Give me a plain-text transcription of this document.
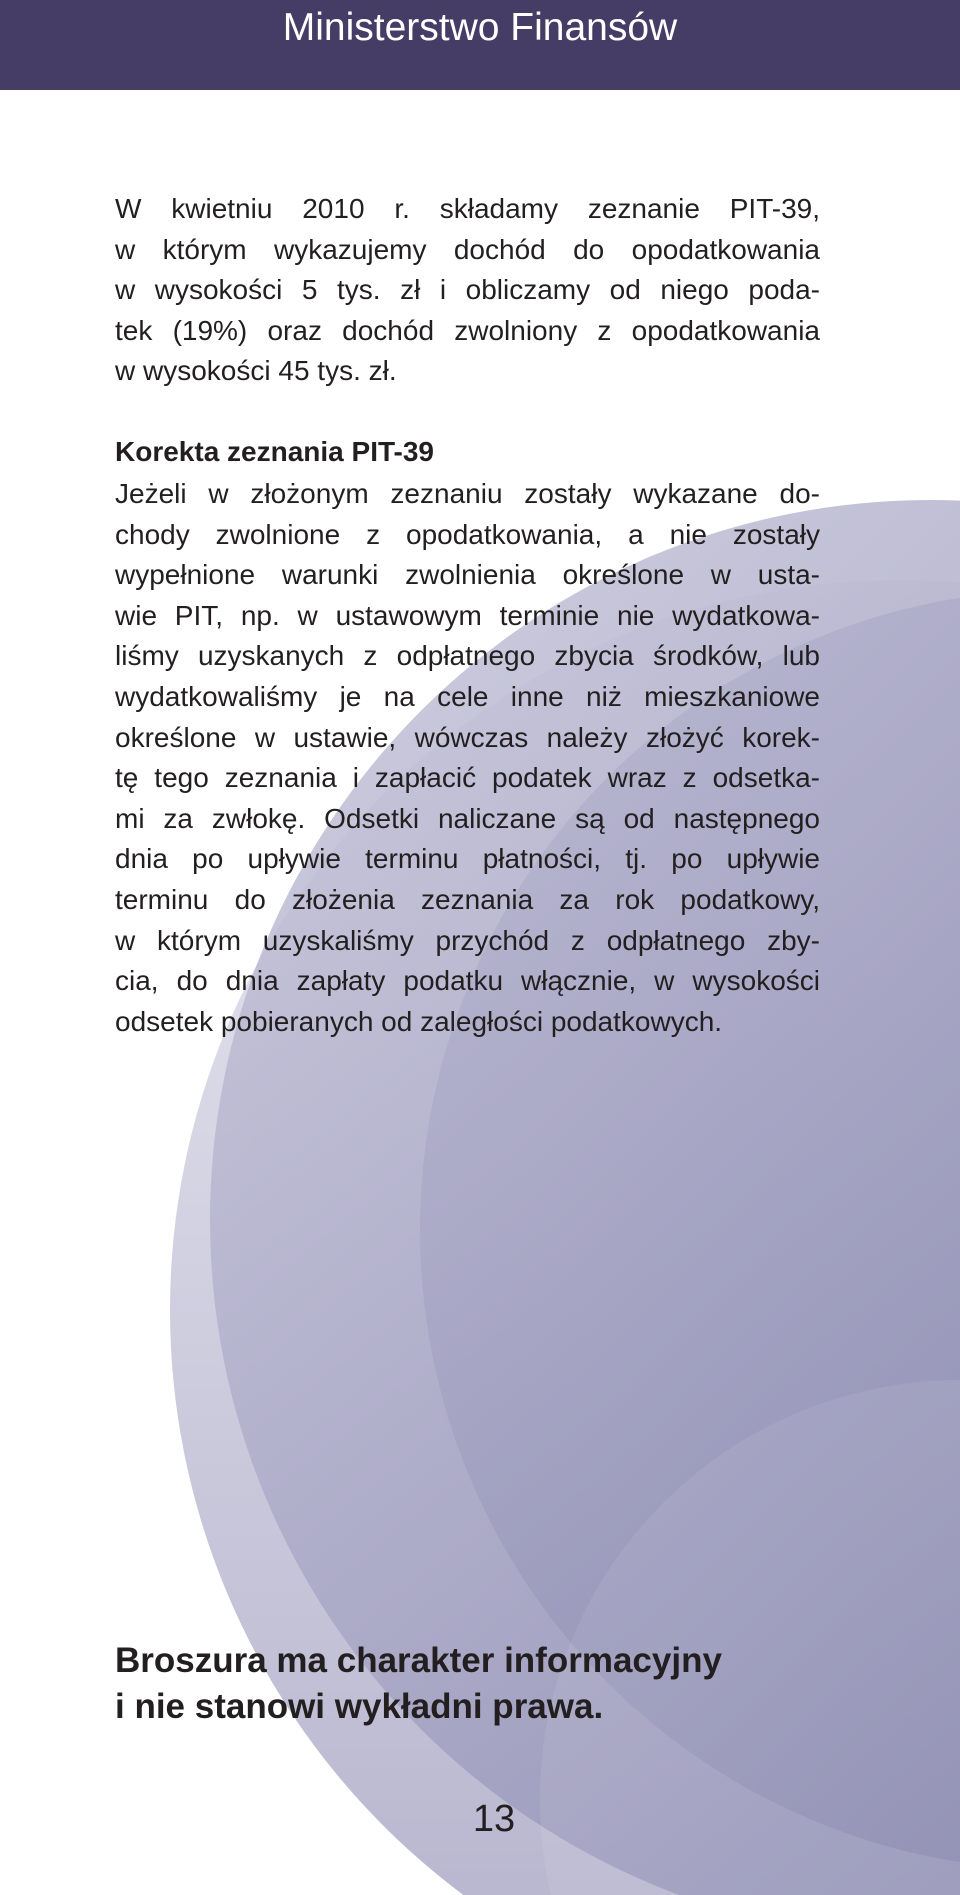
Ministerstwo Finansów
W kwietniu 2010 r. składamy zeznanie PIT-39,
w którym wykazujemy dochód do opodatkowania
w wysokości 5 tys. zł i obliczamy od niego poda-
tek (19%) oraz dochód zwolniony z opodatkowania
w wysokości 45 tys. zł.
Korekta zeznania PIT-39
Jeżeli w złożonym zeznaniu zostały wykazane do-
chody zwolnione z opodatkowania, a nie zostały
wypełnione warunki zwolnienia określone w usta-
wie PIT, np. w ustawowym terminie nie wydatkowa-
liśmy uzyskanych z odpłatnego zbycia środków, lub
wydatkowaliśmy je na cele inne niż mieszkaniowe
określone w ustawie, wówczas należy złożyć korek-
tę tego zeznania i zapłacić podatek wraz z odsetka-
mi za zwłokę. Odsetki naliczane są od następnego
dnia po upływie terminu płatności, tj. po upływie
terminu do złożenia zeznania za rok podatkowy,
w którym uzyskaliśmy przychód z odpłatnego zby-
cia, do dnia zapłaty podatku włącznie, w wysokości
odsetek pobieranych od zaległości podatkowych.
Broszura ma charakter informacyjny
i nie stanowi wykładni prawa.
13
